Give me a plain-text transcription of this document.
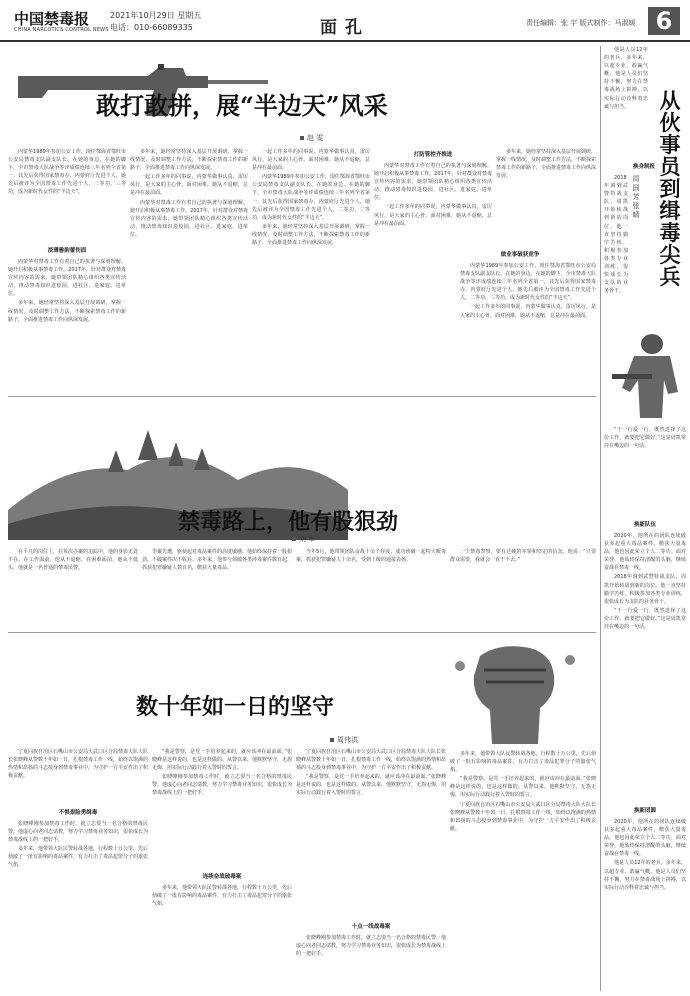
中国禁毒报
CHINA NARCOTICS CONTROL NEWS
2021年10月29日 星期五
电话：010-66089335	面孔	责任编辑：张 宇 版式制作：马淑媛 6
敢打敢拼，展“半边天”风采
赵 雯

内蒙华1989年参加公安工作，现任鄂海省鄂旺市公安局禁毒支队副支队长。在她的身边，在她的脚下，全市禁毒大队战争等评成绩连续三年名列全省第一，其先后获得国家禁毒办、内蒙府厅先进个人，她先后被评为全国禁毒工作先进个人，二等功、三等功，成为新时代女性的“半边天”。

淡薄雅韵蕾伤面

内蒙华对禁毒工作有着自己的执著与深刻理解。她开启积极从事禁毒工作。2017年，针对群众对禁毒宣传内容的需求，她带领团队精心组织各类宣传活动，推动禁毒知识进校园、进社区、进家庭、进单位。

多年来，她经常坚持深入基层开展调研，掌握一线情况，及时调整工作方法，不断探索禁毒工作的新路子，全面推进禁毒工作向纵深发展。

多年来，她经常坚持深入基层开展调研，掌握一线情况，及时调整工作方法，不断探索禁毒工作的新路子，全面推进禁毒工作向纵深发展。

一起工作多年的同事说，内蒙华做事认真，雷厉风行，是大家的主心骨。面对困难，她从不退缩，总是冲在最前面。

内蒙华对禁毒工作有着自己的执著与深刻理解。她开启积极从事禁毒工作。2017年，针对群众对禁毒宣传内容的需求，她带领团队精心组织各类宣传活动，推动禁毒知识进校园、进社区、进家庭、进单位。

一起工作多年的同事说，内蒙华做事认真，雷厉风行，是大家的主心骨。面对困难，她从不退缩，总是冲在最前面。

内蒙华1989年参加公安工作，现任鄂海省鄂旺市公安局禁毒支队副支队长。在她的身边，在她的脚下，全市禁毒大队战争等评成绩连续三年名列全省第一，其先后获得国家禁毒办、内蒙府厅先进个人，她先后被评为全国禁毒工作先进个人，二等功、三等功，成为新时代女性的“半边天”。

多年来，她经常坚持深入基层开展调研，掌握一线情况，及时调整工作方法，不断探索禁毒工作的新路子，全面推进禁毒工作向纵深发展。

打防管控齐推进

内蒙华对禁毒工作有着自己的执著与深刻理解。她开启积极从事禁毒工作。2017年，针对群众对禁毒宣传内容的需求，她带领团队精心组织各类宣传活动，推动禁毒知识进校园、进社区、进家庭、进单位。

一起工作多年的同事说，内蒙华做事认真，雷厉风行，是大家的主心骨。面对困难，她从不退缩，总是冲在最前面。

多年来，她经常坚持深入基层开展调研，掌握一线情况，及时调整工作方法，不断探索禁毒工作的新路子，全面推进禁毒工作向纵深发展。

做业事破获竞争

内蒙华1989年参加公安工作，现任鄂海省鄂旺市公安局禁毒支队副支队长。在她的身边，在她的脚下，全市禁毒大队战争等评成绩连续三年名列全省第一，其先后获得国家禁毒办、内蒙府厅先进个人，她先后被评为全国禁毒工作先进个人，二等功、三等功，成为新时代女性的“半边天”。

一起工作多年的同事说，内蒙华做事认真，雷厉风行，是大家的主心骨。面对困难，她从不退缩，总是冲在最前面。

他是人员12年的老兵，多年来，以超专业、敢赢气概，他是人员们坚持不懈，努力在禁毒战场上拼搏，以实际行动诠释着忠诚与担当。	从伙事员到缉毒尖兵
周国芳 张 晴
换身制报

2018年调到武警特战支队，周凯开始转战到新的岗位。他一直坚持勤学苦练，积极参加各类专业训练，很快成长为支队的业务骨干。

“干一行爱一行，既然选择了这份工作，就要把它做好。”这是周凯常挂在嘴边的一句话。

换新队伍

2020年，他所在的团队连续破获多起重大毒品案件，缴获大量毒品，他也因此荣立个人二等功。面对荣誉，他始终保持清醒的头脑，继续奋战在禁毒一线。

2018年调到武警特战支队，周凯开始转战到新的岗位。他一直坚持勤学苦练，积极参加各类专业训练，很快成长为支队的业务骨干。

“干一行爱一行，既然选择了这份工作，就要把它做好。”这是周凯常挂在嘴边的一句话。

换新团圆

2020年，他所在的团队连续破获多起重大毒品案件，缴获大量毒品，他也因此荣立个人二等功。面对荣誉，他始终保持清醒的头脑，继续奋战在禁毒一线。

他是人员12年的老兵，多年来，以超专业、敢赢气概，他是人员们坚持不懈，努力在禁毒战场上拼搏，以实际行动诠释着忠诚与担当。

禁毒路上，他有股狠劲
刘 军

在平凡的岗位上，在每次办案的追踪中，他的身影无处不在。在工作面前，他从不退缩，在困难面前，他从不低头，他就是一名普通的禁毒民警。

李案先遭，驱使起对毒品案件的高度敏感，他始终保持着一股狠劲，不破案件决不收兵。多年来，他参与侦破各类涉毒案件数百起，抓获犯罪嫌疑人数百名，缴获大量毒品。

今年5月，他带领团队奋战十余个昼夜，成功侦破一起特大贩毒案，抓获犯罪嫌疑人十余名，受到上级的通报表扬。

一个禁毒警察，要有过硬的本领和坚定的信念。他说：“只要群众需要，我就会一直干下去。”

数十年如一日的坚守
周伟洪

宁夏回族自治区石嘴山市公安局大武口区分局禁毒大队大队长张晓峰从警数十年如一日，扎根禁毒工作一线，始终以饱满的热情和昂扬的斗志投身到禁毒事业中，为守护一方平安作出了积极贡献。

不惧艰险勇缉毒

张晓峰刚参加禁毒工作时，就立志要当一名合格的禁毒民警。他虚心向老同志请教，努力学习禁毒业务知识，很快成长为禁毒战线上的一把好手。

多年来，他带领大队民警转战各地，行程数十万公里，先后侦破了一批有影响的毒品案件，有力打击了毒品犯罪分子的嚣张气焰。

“我是警察，是党一手培养起来的，就应该冲在最前面。”张晓峰是这样说的，也是这样做的。从警以来，他默默坚守，无怨无悔，用实际行动践行着入警时的誓言。

张晓峰刚参加禁毒工作时，就立志要当一名合格的禁毒民警。他虚心向老同志请教，努力学习禁毒业务知识，很快成长为禁毒战线上的一把好手。

连续奋战破毒案

多年来，他带领大队民警转战各地，行程数十万公里，先后侦破了一批有影响的毒品案件，有力打击了毒品犯罪分子的嚣张气焰。

宁夏回族自治区石嘴山市公安局大武口区分局禁毒大队大队长张晓峰从警数十年如一日，扎根禁毒工作一线，始终以饱满的热情和昂扬的斗志投身到禁毒事业中，为守护一方平安作出了积极贡献。

“我是警察，是党一手培养起来的，就应该冲在最前面。”张晓峰是这样说的，也是这样做的。从警以来，他默默坚守，无怨无悔，用实际行动践行着入警时的誓言。

十点一线战毒案

张晓峰刚参加禁毒工作时，就立志要当一名合格的禁毒民警。他虚心向老同志请教，努力学习禁毒业务知识，很快成长为禁毒战线上的一把好手。

多年来，他带领大队民警转战各地，行程数十万公里，先后侦破了一批有影响的毒品案件，有力打击了毒品犯罪分子的嚣张气焰。

“我是警察，是党一手培养起来的，就应该冲在最前面。”张晓峰是这样说的，也是这样做的。从警以来，他默默坚守，无怨无悔，用实际行动践行着入警时的誓言。

宁夏回族自治区石嘴山市公安局大武口区分局禁毒大队大队长张晓峰从警数十年如一日，扎根禁毒工作一线，始终以饱满的热情和昂扬的斗志投身到禁毒事业中，为守护一方平安作出了积极贡献。
